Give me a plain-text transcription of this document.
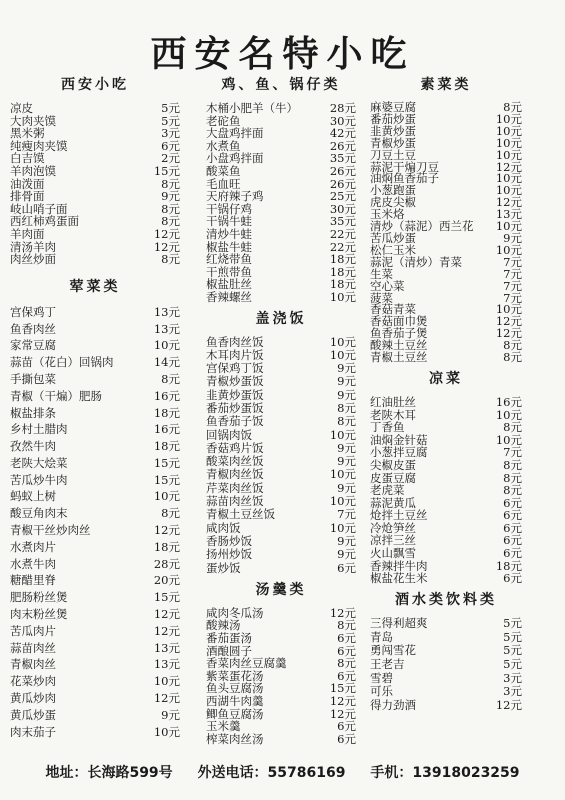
西安名特小吃
西安小吃
凉皮	5元
大肉夹馍	5元
黑米粥	3元
纯瘦肉夹馍	6元
白吉馍	2元
羊肉泡馍	15元
油泼面	8元
排骨面	9元
岐山哨子面	8元
西红柿鸡蛋面	8元
羊肉面	12元
清汤羊肉	12元
肉丝炒面	8元
荤菜类
宫保鸡丁	13元
鱼香肉丝	13元
家常豆腐	10元
蒜苗（花白）回锅肉	14元
手撕包菜	8元
青椒（干煸）肥肠	16元
椒盐排条	18元
乡村土腊肉	16元
孜然牛肉	18元
老陕大烩菜	15元
苦瓜炒牛肉	15元
蚂蚁上树	10元
酸豆角肉末	8元
青椒干丝炒肉丝	12元
水煮肉片	18元
水煮牛肉	28元
糖醋里脊	20元
肥肠粉丝煲	15元
肉末粉丝煲	12元
苦瓜肉片	12元
蒜苗肉丝	13元
青椒肉丝	13元
花菜炒肉	10元
黄瓜炒肉	12元
黄瓜炒蛋	9元
肉末茄子	10元
鸡、鱼、锅仔类
木桶小肥羊（牛）	28元
老砣鱼	30元
大盘鸡拌面	42元
水煮鱼	26元
小盘鸡拌面	35元
酸菜鱼	26元
毛血旺	26元
天府辣子鸡	25元
干锅仔鸡	30元
干锅牛蛙	35元
清炒牛蛙	22元
椒盐牛蛙	22元
红烧带鱼	18元
干煎带鱼	18元
椒盐肚丝	18元
香辣螺丝	10元
盖浇饭
鱼香肉丝饭	10元
木耳肉片饭	10元
宫保鸡丁饭	9元
青椒炒蛋饭	9元
韭黄炒蛋饭	9元
番茄炒蛋饭	8元
鱼香茄子饭	8元
回锅肉饭	10元
香菇鸡片饭	9元
酸菜肉丝饭	9元
青椒肉丝饭	10元
芹菜肉丝饭	9元
蒜苗肉丝饭	10元
青椒土豆丝饭	7元
咸肉饭	10元
香肠炒饭	9元
扬州炒饭	9元
蛋炒饭	6元
汤羹类
咸肉冬瓜汤	12元
酸辣汤	8元
番茄蛋汤	6元
酒酿圆子	6元
香菜肉丝豆腐羹	8元
紫菜蛋花汤	6元
鱼头豆腐汤	15元
西湖牛肉羹	12元
鲫鱼豆腐汤	12元
玉米羹	6元
榨菜肉丝汤	6元
素菜类
麻婆豆腐	8元
番茄炒蛋	10元
韭黄炒蛋	10元
青椒炒蛋	10元
刀豆土豆	10元
蒜泥干煸刀豆	12元
油焖鱼香茄子	10元
小葱跑蛋	10元
虎皮尖椒	12元
玉米烙	13元
清炒（蒜泥）西兰花 10元
苦瓜炒蛋	9元
松仁玉米	10元
蒜泥（清炒）青菜	7元
生菜	7元
空心菜	7元
菠菜	7元
香菇青菜	10元
香菇面巾煲	12元
鱼香茄子煲	12元
酸辣土豆丝	8元
青椒土豆丝	8元
凉菜
红油肚丝	16元
老陕木耳	10元
丁香鱼	8元
油焖金针菇	10元
小葱拌豆腐	7元
尖椒皮蛋	8元
皮蛋豆腐	8元
老虎菜	8元
蒜泥黄瓜	6元
炝拌土豆丝	6元
冷炝笋丝	6元
凉拌三丝	6元
火山飘雪	6元
香辣拌牛肉	18元
椒盐花生米	6元
酒水类饮料类
三得利超爽	5元
青岛	5元
勇闯雪花	5元
王老吉	5元
雪碧	3元
可乐	3元
得力劲酒	12元
地址：长海路599号 外送电话：55786169 手机：13918023259
